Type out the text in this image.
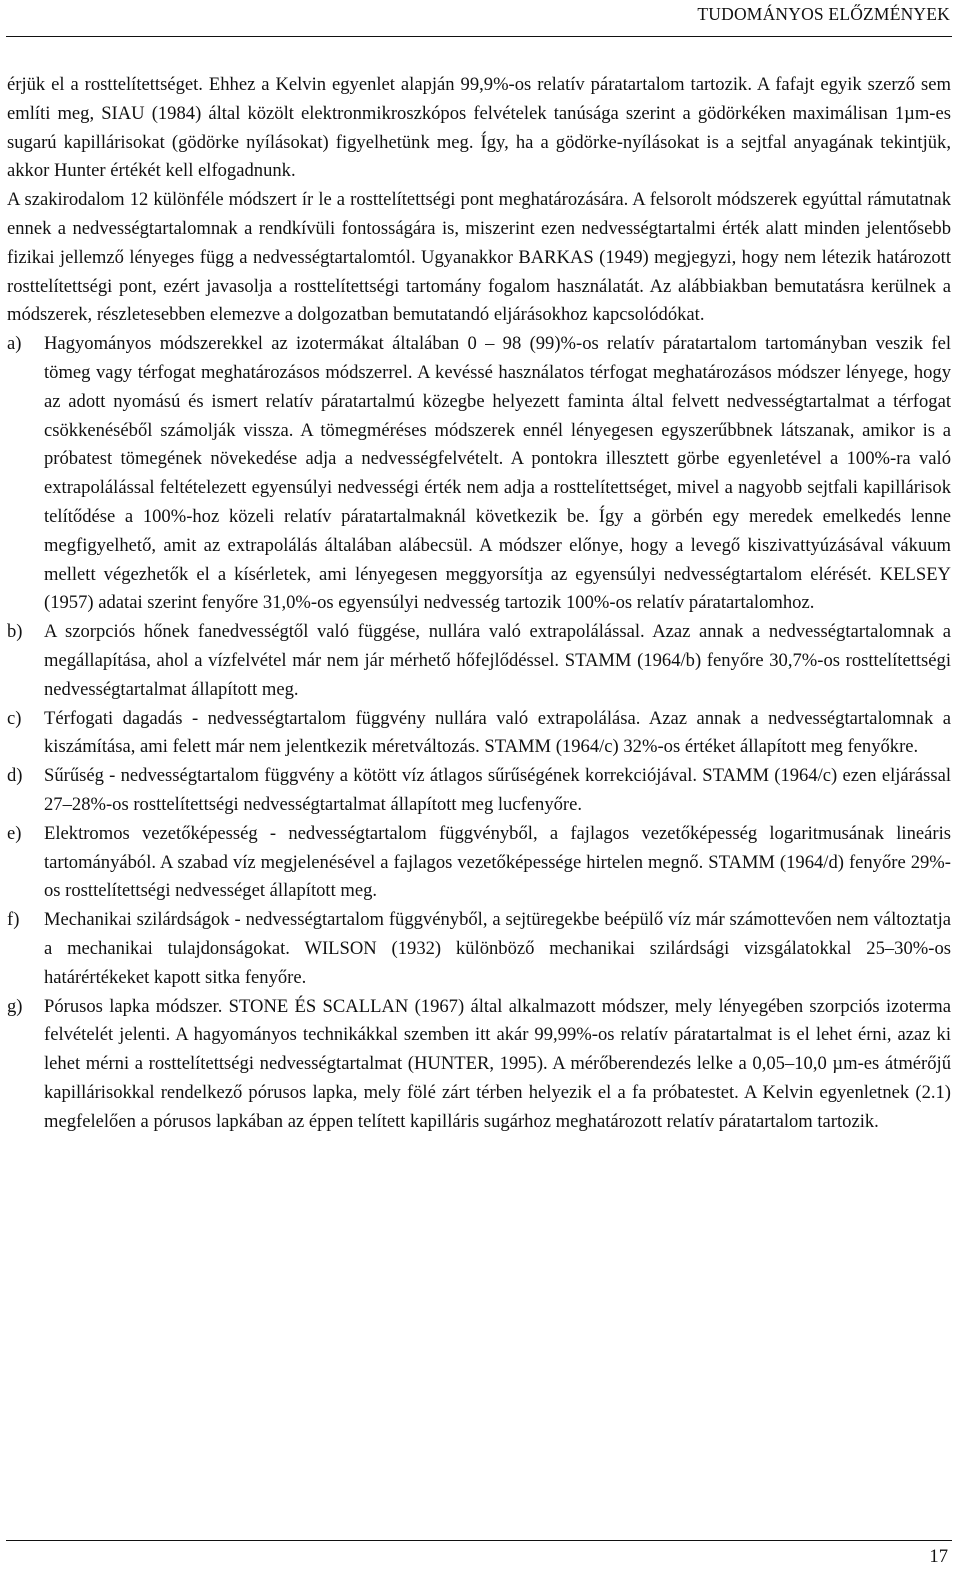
TUDOMÁNYOS ELŐZMÉNYEK

érjük el a rosttelítettséget. Ehhez a Kelvin egyenlet alapján 99,9%-os relatív páratartalom tartozik. A fafajt egyik szerző sem említi meg, SIAU (1984) által közölt elektronmikroszkópos felvételek tanúsága szerint a gödörkéken maximálisan 1µm-es sugarú kapillárisokat (gödörke nyílásokat) figyelhetünk meg. Így, ha a gödörke-nyílásokat is a sejtfal anyagának tekintjük, akkor Hunter értékét kell elfogadnunk.

A szakirodalom 12 különféle módszert ír le a rosttelítettségi pont meghatározására. A felsorolt módszerek egyúttal rámutatnak ennek a nedvességtartalomnak a rendkívüli fontosságára is, miszerint ezen nedvességtartalmi érték alatt minden jelentősebb fizikai jellemző lényeges függ a nedvességtartalomtól. Ugyanakkor BARKAS (1949) megjegyzi, hogy nem létezik határozott rosttelítettségi pont, ezért javasolja a rosttelítettségi tartomány fogalom használatát. Az alábbiakban bemutatásra kerülnek a módszerek, részletesebben elemezve a dolgozatban bemutatandó eljárásokhoz kapcsolódókat.

a) Hagyományos módszerekkel az izotermákat általában 0 – 98 (99)%-os relatív páratartalom tartományban veszik fel tömeg vagy térfogat meghatározásos módszerrel. A kevéssé használatos térfogat meghatározásos módszer lényege, hogy az adott nyomású és ismert relatív páratartalmú közegbe helyezett faminta által felvett nedvességtartalmat a térfogat csökkenéséből számolják vissza. A tömegméréses módszerek ennél lényegesen egyszerűbbnek látszanak, amikor is a próbatest tömegének növekedése adja a nedvességfelvételt. A pontokra illesztett görbe egyenletével a 100%-ra való extrapolálással feltételezett egyensúlyi nedvességi érték nem adja a rosttelítettséget, mivel a nagyobb sejtfali kapillárisok telítődése a 100%-hoz közeli relatív páratartalmaknál következik be. Így a görbén egy meredek emelkedés lenne megfigyelhető, amit az extrapolálás általában alábecsül. A módszer előnye, hogy a levegő kiszivattyúzásával vákuum mellett végezhetők el a kísérletek, ami lényegesen meggyorsítja az egyensúlyi nedvességtartalom elérését. KELSEY (1957) adatai szerint fenyőre 31,0%-os egyensúlyi nedvesség tartozik 100%-os relatív páratartalomhoz.
b) A szorpciós hőnek fanedvességtől való függése, nullára való extrapolálással. Azaz annak a nedvességtartalomnak a megállapítása, ahol a vízfelvétel már nem jár mérhető hőfejlődéssel. STAMM (1964/b) fenyőre 30,7%-os rosttelítettségi nedvességtartalmat állapított meg.
c) Térfogati dagadás - nedvességtartalom függvény nullára való extrapolálása. Azaz annak a nedvességtartalomnak a kiszámítása, ami felett már nem jelentkezik méretváltozás. STAMM (1964/c) 32%-os értéket állapított meg fenyőkre.
d) Sűrűség - nedvességtartalom függvény a kötött víz átlagos sűrűségének korrekciójával. STAMM (1964/c) ezen eljárással 27–28%-os rosttelítettségi nedvességtartalmat állapított meg lucfenyőre.
e) Elektromos vezetőképesség - nedvességtartalom függvényből, a fajlagos vezetőképesség logaritmusának lineáris tartományából. A szabad víz megjelenésével a fajlagos vezetőképessége hirtelen megnő. STAMM (1964/d) fenyőre 29%-os rosttelítettségi nedvességet állapított meg.
f) Mechanikai szilárdságok - nedvességtartalom függvényből, a sejtüregekbe beépülő víz már számottevően nem változtatja a mechanikai tulajdonságokat. WILSON (1932) különböző mechanikai szilárdsági vizsgálatokkal 25–30%-os határértékeket kapott sitka fenyőre.
g) Pórusos lapka módszer. STONE ÉS SCALLAN (1967) által alkalmazott módszer, mely lényegében szorpciós izoterma felvételét jelenti. A hagyományos technikákkal szemben itt akár 99,99%-os relatív páratartalmat is el lehet érni, azaz ki lehet mérni a rosttelítettségi nedvességtartalmat (HUNTER, 1995). A mérőberendezés lelke a 0,05–10,0 µm-es átmérőjű kapillárisokkal rendelkező pórusos lapka, mely fölé zárt térben helyezik el a fa próbatestet. A Kelvin egyenletnek (2.1) megfelelően a pórusos lapkában az éppen telített kapilláris sugárhoz meghatározott relatív páratartalom tartozik.
17
